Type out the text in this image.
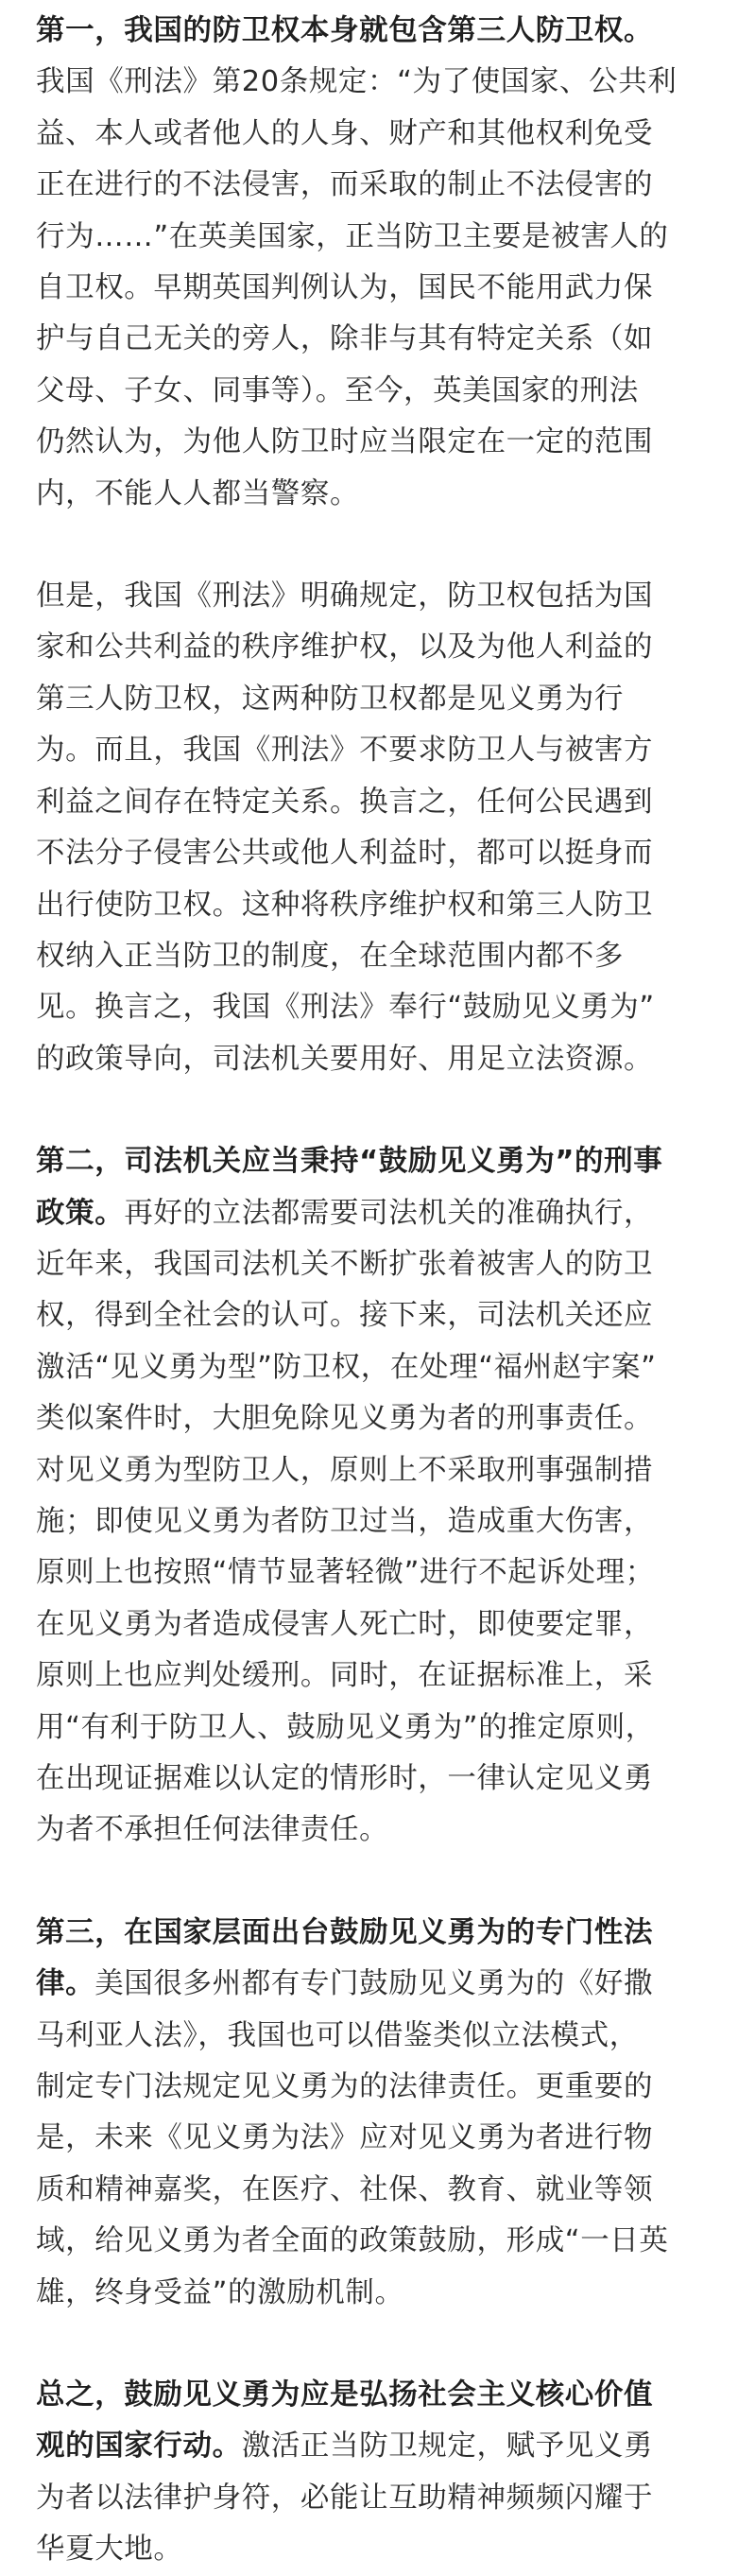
第一，我国的防卫权本身就包含第三人防卫权。
我国《刑法》第20条规定：“为了使国家、公共利
益、本人或者他人的人身、财产和其他权利免受
正在进行的不法侵害，而采取的制止不法侵害的
行为……”在英美国家，正当防卫主要是被害人的
自卫权。早期英国判例认为，国民不能用武力保
护与自己无关的旁人，除非与其有特定关系（如
父母、子女、同事等）。至今，英美国家的刑法
仍然认为，为他人防卫时应当限定在一定的范围
内，不能人人都当警察。

但是，我国《刑法》明确规定，防卫权包括为国
家和公共利益的秩序维护权，以及为他人利益的
第三人防卫权，这两种防卫权都是见义勇为行
为。而且，我国《刑法》不要求防卫人与被害方
利益之间存在特定关系。换言之，任何公民遇到
不法分子侵害公共或他人利益时，都可以挺身而
出行使防卫权。这种将秩序维护权和第三人防卫
权纳入正当防卫的制度，在全球范围内都不多
见。换言之，我国《刑法》奉行“鼓励见义勇为”
的政策导向，司法机关要用好、用足立法资源。

第二，司法机关应当秉持“鼓励见义勇为”的刑事
政策。再好的立法都需要司法机关的准确执行，
近年来，我国司法机关不断扩张着被害人的防卫
权，得到全社会的认可。接下来，司法机关还应
激活“见义勇为型”防卫权，在处理“福州赵宇案”
类似案件时，大胆免除见义勇为者的刑事责任。
对见义勇为型防卫人，原则上不采取刑事强制措
施；即使见义勇为者防卫过当，造成重大伤害，
原则上也按照“情节显著轻微”进行不起诉处理；
在见义勇为者造成侵害人死亡时，即使要定罪，
原则上也应判处缓刑。同时，在证据标准上，采
用“有利于防卫人、鼓励见义勇为”的推定原则，
在出现证据难以认定的情形时，一律认定见义勇
为者不承担任何法律责任。

第三，在国家层面出台鼓励见义勇为的专门性法
律。美国很多州都有专门鼓励见义勇为的《好撒
马利亚人法》，我国也可以借鉴类似立法模式，
制定专门法规定见义勇为的法律责任。更重要的
是，未来《见义勇为法》应对见义勇为者进行物
质和精神嘉奖，在医疗、社保、教育、就业等领
域，给见义勇为者全面的政策鼓励，形成“一日英
雄，终身受益”的激励机制。

总之，鼓励见义勇为应是弘扬社会主义核心价值
观的国家行动。激活正当防卫规定，赋予见义勇
为者以法律护身符，必能让互助精神频频闪耀于
华夏大地。
